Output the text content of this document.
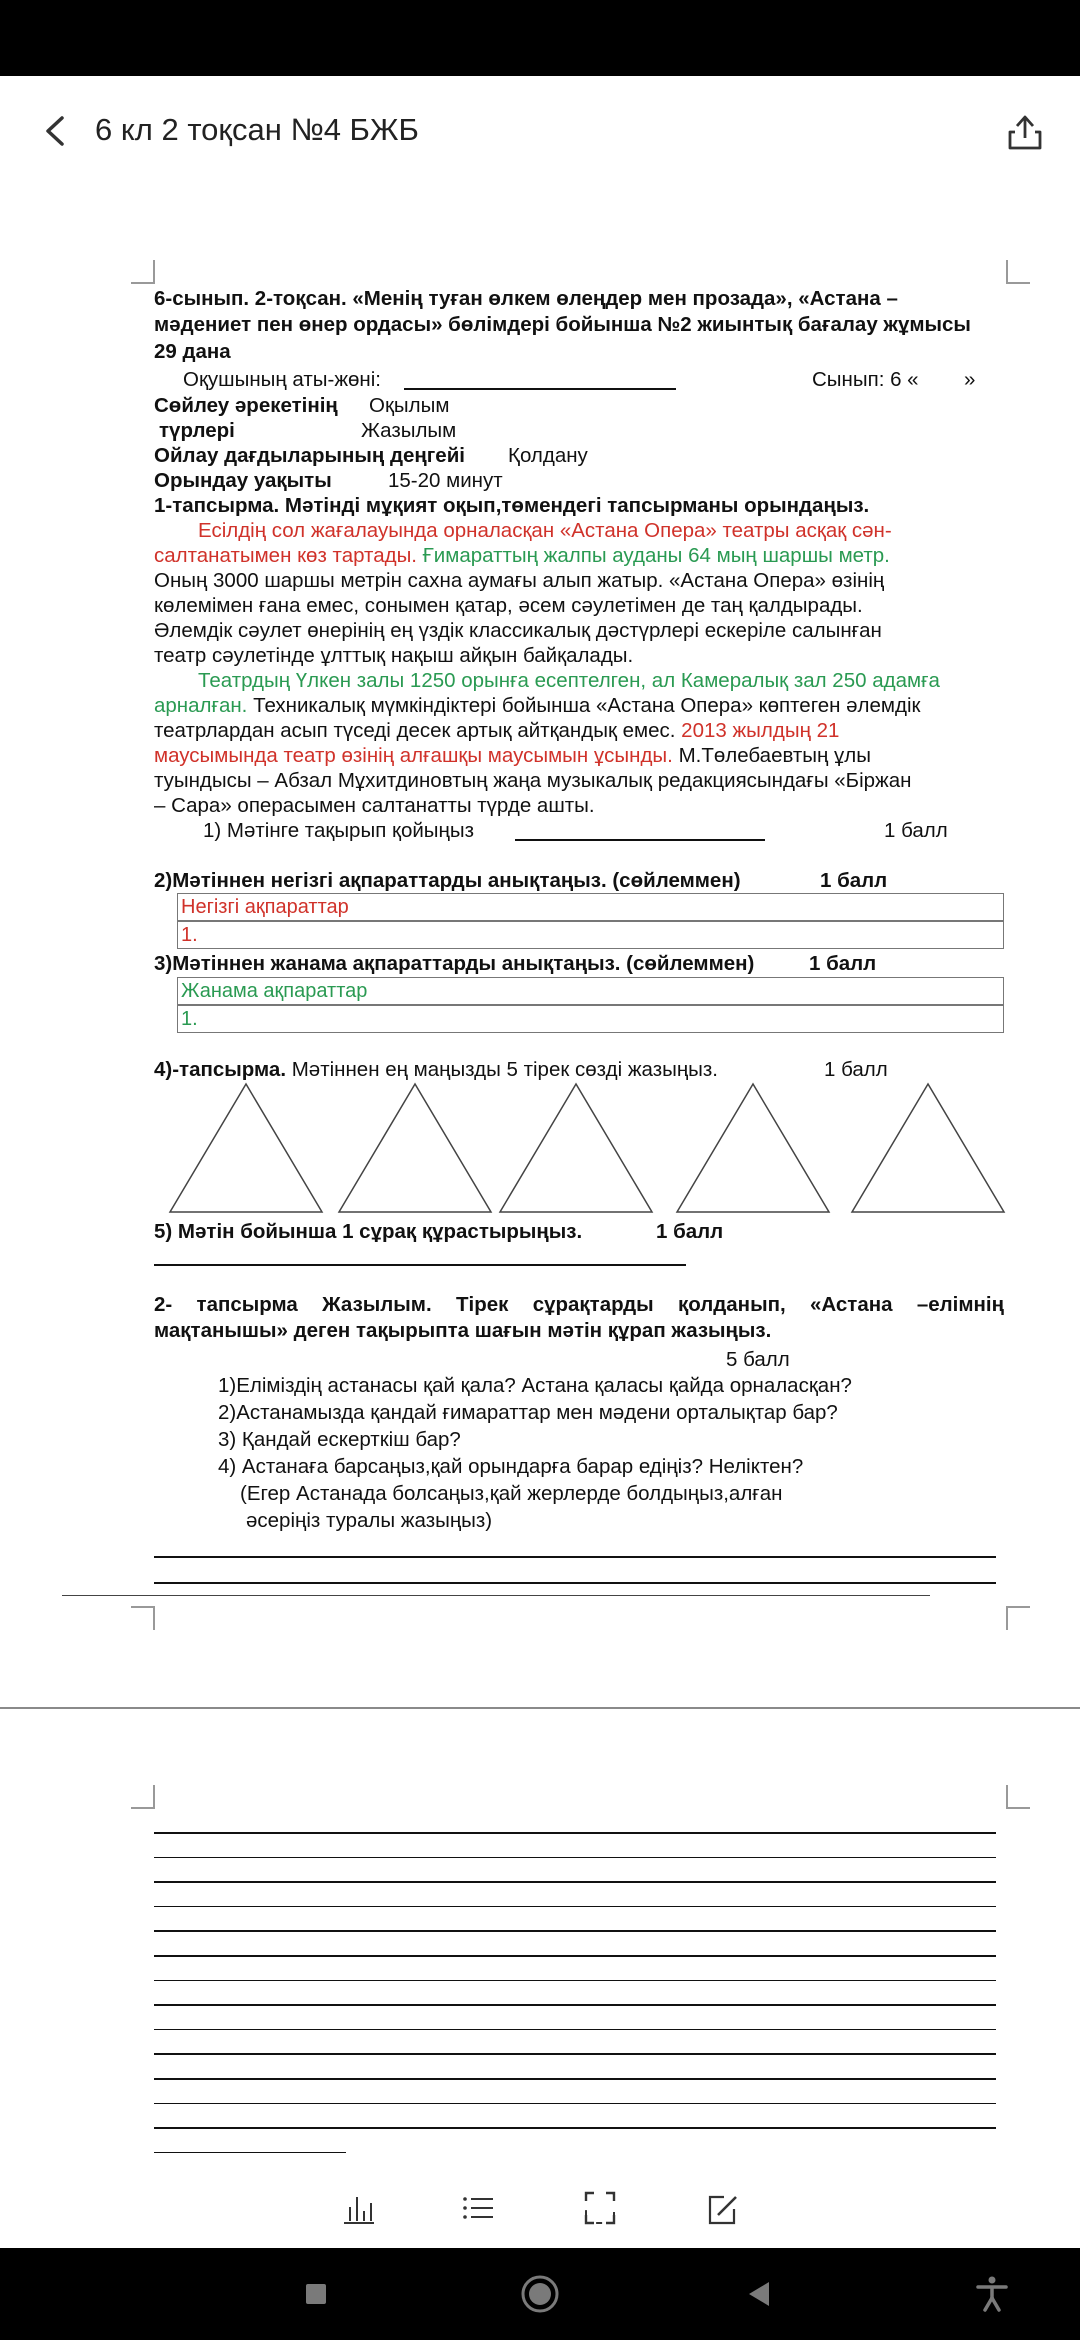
6 кл 2 тоқсан №4 БЖБ
6-сынып. 2-тоқсан. «Менің туған өлкем өлеңдер мен прозада», «Астана –
мәдениет пен өнер ордасы» бөлімдері бойынша №2 жиынтық бағалау жұмысы
29 дана
Оқушының аты-жөні:	Сынып: 6 « »
Сөйлеу әрекетінің Оқылым
түрлері	Жазылым
Ойлау дағдыларының деңгейі Қолдану
Орындау уақыты	15-20 минут
1-тапсырма. Мәтінді мұқият оқып,төмендегі тапсырманы орындаңыз.
Есілдің сол жағалауында орналасқан «Астана Опера» театры асқақ сән-
салтанатымен көз тартады. Ғимараттың жалпы ауданы 64 мың шаршы метр.
Оның 3000 шаршы метрін сахна аумағы алып жатыр. «Астана Опера» өзінің
көлемімен ғана емес, сонымен қатар, әсем сәулетімен де таң қалдырады.
Әлемдік сәулет өнерінің ең үздік классикалық дәстүрлері ескеріле салынған
театр сәулетінде ұлттық нақыш айқын байқалады.
Театрдың Үлкен залы 1250 орынға есептелген, ал Камералық зал 250 адамға
арналған. Техникалық мүмкіндіктері бойынша «Астана Опера» көптеген әлемдік
театрлардан асып түседі десек артық айтқандық емес. 2013 жылдың 21
маусымында театр өзінің алғашқы маусымын ұсынды. М.Төлебаевтың ұлы
туындысы – Абзал Мұхитдиновтың жаңа музыкалық редакциясындағы «Біржан
– Сара» операсымен салтанатты түрде ашты.
1) Мәтінге тақырып қойыңыз	1 балл
2)Мәтіннен негізгі ақпараттарды анықтаңыз. (сөйлеммен)	1 балл
Негізгі ақпараттар
1.
3)Мәтіннен жанама ақпараттарды анықтаңыз. (сөйлеммен)	1 балл
Жанама ақпараттар
1.
4)-тапсырма. Мәтіннен ең маңызды 5 тірек сөзді жазыңыз.	1 балл
5) Мәтін бойынша 1 сұрақ құрастырыңыз.	1 балл
2- тапсырма Жазылым. Тірек сұрақтарды қолданып, «Астана –елімнің
мақтанышы» деген тақырыпта шағын мәтін құрап жазыңыз.
5 балл
1)Еліміздің астанасы қай қала? Астана қаласы қайда орналасқан?
2)Астанамызда қандай ғимараттар мен мәдени орталықтар бар?
3) Қандай ескерткіш бар?
4) Астанаға барсаңыз,қай орындарға барар едіңіз? Неліктен?
(Егер Астанада болсаңыз,қай жерлерде болдыңыз,алған
әсеріңіз туралы жазыңыз)
